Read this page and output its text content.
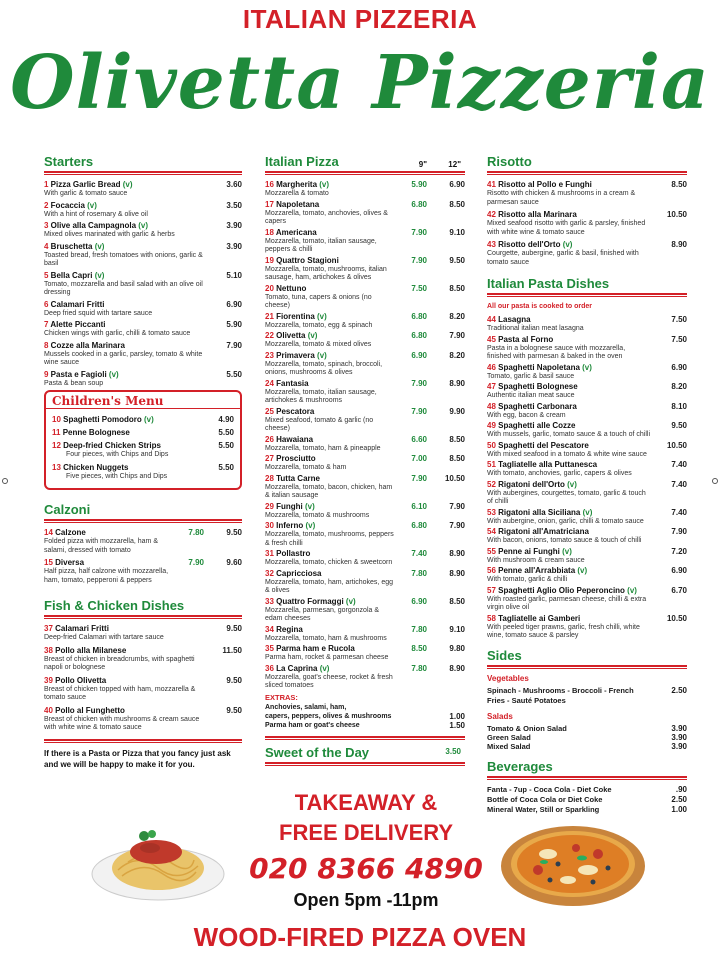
ITALIAN PIZZERIA
Olivetta Pizzeria
Starters
1 Pizza Garlic Bread (v)
With garlic & tomato sauce
3.60
2 Focaccia (v)
With a hint of rosemary & olive oil
3.50
3 Olive alla Campagnola (v)
Mixed olives marinated with garlic & herbs
3.90
4 Bruschetta (v)
Toasted bread, fresh tomatoes with onions, garlic & basil
3.90
5 Bella Capri (v)
Tomato, mozzarella and basil salad with an olive oil dressing
5.10
6 Calamari Fritti
Deep fried squid with tartare sauce
6.90
7 Alette Piccanti
Chicken wings with garlic, chilli & tomato sauce
5.90
8 Cozze alla Marinara
Mussels cooked in a garlic, parsley, tomato & white wine sauce
7.90
9 Pasta e Fagioli (v)
Pasta & bean soup
5.50
Children's Menu
10 Spaghetti Pomodoro (v)	4.90
11 Penne Bolognese	5.50
12 Deep-fried Chicken Strips
Four pieces, with Chips and Dips
5.50
13 Chicken Nuggets
Five pieces, with Chips and Dips
5.50
Calzoni
14 Calzone
Folded pizza with mozzarella, ham & salami, dressed with tomato
7.80	9.50
15 Diversa
Half pizza, half calzone with mozzarella, ham, tomato, pepperoni & peppers
7.90	9.60
Fish & Chicken Dishes
37 Calamari Fritti
Deep-fried Calamari with tartare sauce
9.50
38 Pollo alla Milanese
Breast of chicken in breadcrumbs, with spaghetti napoli or bolognese
11.50
39 Pollo Olivetta
Breast of chicken topped with ham, mozzarella & tomato sauce
9.50
40 Pollo al Funghetto
Breast of chicken with mushrooms & cream sauce with white wine & tomato sauce
9.50
If there is a Pasta or Pizza that you fancy just ask and we will be happy to make it for you.
Italian Pizza	9"	12"
16 Margherita (v)
Mozzarella & tomato
5.90	6.90
17 Napoletana
Mozzarella, tomato, anchovies, olives & capers
6.80	8.50
18 Americana
Mozzarella, tomato, italian sausage, peppers & chilli
7.90	9.10
19 Quattro Stagioni
Mozzarella, tomato, mushrooms, italian sausage, ham, artichokes & olives
7.90	9.50
20 Nettuno
Tomato, tuna, capers & onions (no cheese)
7.50	8.50
21 Fiorentina (v)
Mozzarella, tomato, egg & spinach
6.80	8.20
22 Olivetta (v)
Mozzarella, tomato & mixed olives
6.80	7.90
23 Primavera (v)
Mozzarella, tomato, spinach, broccoli, onions, mushrooms & olives
6.90	8.20
24 Fantasia
Mozzarella, tomato, italian sausage, artichokes & mushrooms
7.90	8.90
25 Pescatora
Mixed seafood, tomato & garlic (no cheese)
7.90	9.90
26 Hawaiana
Mozzarella, tomato, ham & pineapple
6.60	8.50
27 Prosciutto
Mozzarella, tomato & ham
7.00	8.50
28 Tutta Carne
Mozzarella, tomato, bacon, chicken, ham & italian sausage
7.90 10.50
29 Funghi (v)
Mozzarella, tomato & mushrooms
6.10	7.90
30 Inferno (v)
Mozzarella, tomato, mushrooms, peppers & fresh chilli
6.80	7.90
31 Pollastro
Mozzarella, tomato, chicken & sweetcorn
7.40	8.90
32 Capricciosa
Mozzarella, tomato, ham, artichokes, egg & olives
7.80	8.90
33 Quattro Formaggi (v)
Mozzarella, parmesan, gorgonzola & edam cheeses
6.90	8.50
34 Regina
Mozzarella, tomato, ham & mushrooms
7.80	9.10
35 Parma ham e Rucola
Parma ham, rocket & parmesan cheese
8.50	9.80
36 La Caprina (v)
Mozzarella, goat's cheese, rocket & fresh sliced tomatoes
7.80	8.90
EXTRAS:
Anchovies, salami, ham,
capers, peppers, olives & mushrooms	1.00
Parma ham or goat's cheese	1.50
Sweet of the Day	3.50
Risotto
41 Risotto al Pollo e Funghi
Risotto with chicken & mushrooms in a cream & parmesan sauce
8.50
42 Risotto alla Marinara
Mixed seafood risotto with garlic & parsley, finished with white wine & tomato sauce
10.50
43 Risotto dell'Orto (v)
Courgette, aubergine, garlic & basil, finished with tomato sauce
8.90
Italian Pasta Dishes
All our pasta is cooked to order
44 Lasagna
Traditional italian meat lasagna
7.50
45 Pasta al Forno
Pasta in a bolognese sauce with mozzarella, finished with parmesan & baked in the oven
7.50
46 Spaghetti Napoletana (v)
Tomato, garlic & basil sauce
6.90
47 Spaghetti Bolognese
Authentic italian meat sauce
8.20
48 Spaghetti Carbonara
With egg, bacon & cream
8.10
49 Spaghetti alle Cozze
With mussels, garlic, tomato sauce & a touch of chilli
9.50
50 Spaghetti del Pescatore
With mixed seafood in a tomato & white wine sauce
10.50
51 Tagliatelle alla Puttanesca
With tomato, anchovies, garlic, capers & olives
7.40
52 Rigatoni dell'Orto (v)
With aubergines, courgettes, tomato, garlic & touch of chilli
7.40
53 Rigatoni alla Siciliana (v)
With aubergine, onion, garlic, chilli & tomato sauce
7.40
54 Rigatoni all'Amatriciana
With bacon, onions, tomato sauce & touch of chilli
7.90
55 Penne ai Funghi (v)
With mushroom & cream sauce
7.20
56 Penne all'Arrabbiata (v)
With tomato, garlic & chilli
6.90
57 Spaghetti Aglio Olio Peperoncino (v)
With roasted garlic, parmesan cheese, chilli & extra virgin olive oil
6.70
58 Tagliatelle ai Gamberi
With peeled tiger prawns, garlic, fresh chilli, white wine, tomato sauce & parsley
10.50
Sides
Vegetables
Spinach - Mushrooms - Broccoli - French Fries - Sauté Potatoes
2.50
Salads
Tomato & Onion Salad	3.90
Green Salad	3.90
Mixed Salad	3.90
Beverages
Fanta - 7up - Coca Cola - Diet Coke	.90
Bottle of Coca Cola or Diet Coke	2.50
Mineral Water, Still or Sparkling	1.00
TAKEAWAY &
FREE DELIVERY
020 8366 4890
Open 5pm -11pm
WOOD-FIRED PIZZA OVEN
